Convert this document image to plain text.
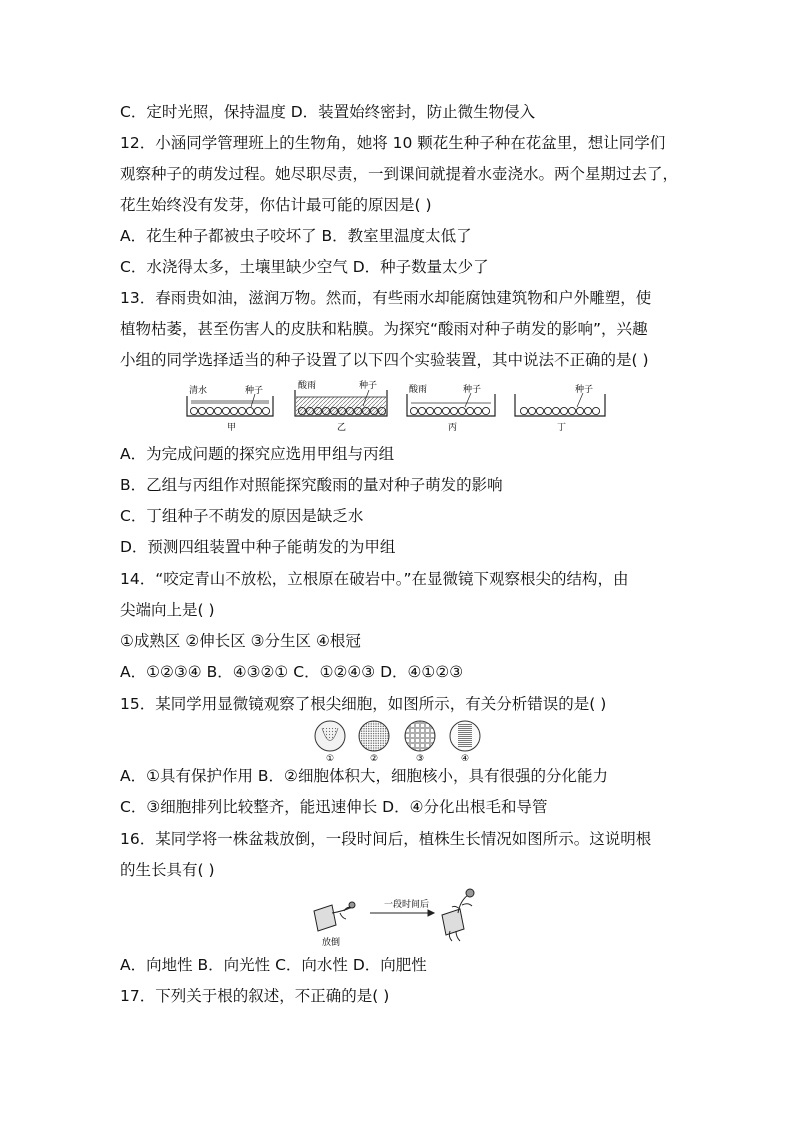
C．定时光照，保持温度 D．装置始终密封，防止微生物侵入
12．小涵同学管理班上的生物角，她将 10 颗花生种子种在花盆里，想让同学们
观察种子的萌发过程。她尽职尽责，一到课间就提着水壶浇水。两个星期过去了，
花生始终没有发芽，你估计最可能的原因是( )
A．花生种子都被虫子咬坏了 B．教室里温度太低了
C．水浇得太多，土壤里缺少空气 D．种子数量太少了
13．春雨贵如油，滋润万物。然而，有些雨水却能腐蚀建筑物和户外雕塑，使
植物枯萎，甚至伤害人的皮肤和粘膜。为探究“酸雨对种子萌发的影响”，兴趣
小组的同学选择适当的种子设置了以下四个实验装置，其中说法不正确的是( )
清水	种子
甲
酸雨	种子
乙
酸雨	种子
丙
种子
丁
A．为完成问题的探究应选用甲组与丙组
B．乙组与丙组作对照能探究酸雨的量对种子萌发的影响
C．丁组种子不萌发的原因是缺乏水
D．预测四组装置中种子能萌发的为甲组
14．“咬定青山不放松，立根原在破岩中。”在显微镜下观察根尖的结构，由
尖端向上是( )
①成熟区 ②伸长区 ③分生区 ④根冠
A．①②③④ B．④③②① C．①②④③ D．④①②③
15．某同学用显微镜观察了根尖细胞，如图所示，有关分析错误的是( )
①	②	③	④
A．①具有保护作用 B．②细胞体积大，细胞核小，具有很强的分化能力
C．③细胞排列比较整齐，能迅速伸长 D．④分化出根毛和导管
16．某同学将一株盆栽放倒，一段时间后，植株生长情况如图所示。这说明根
的生长具有( )
一段时间后
放倒
A．向地性 B．向光性 C．向水性 D．向肥性
17．下列关于根的叙述，不正确的是( )
